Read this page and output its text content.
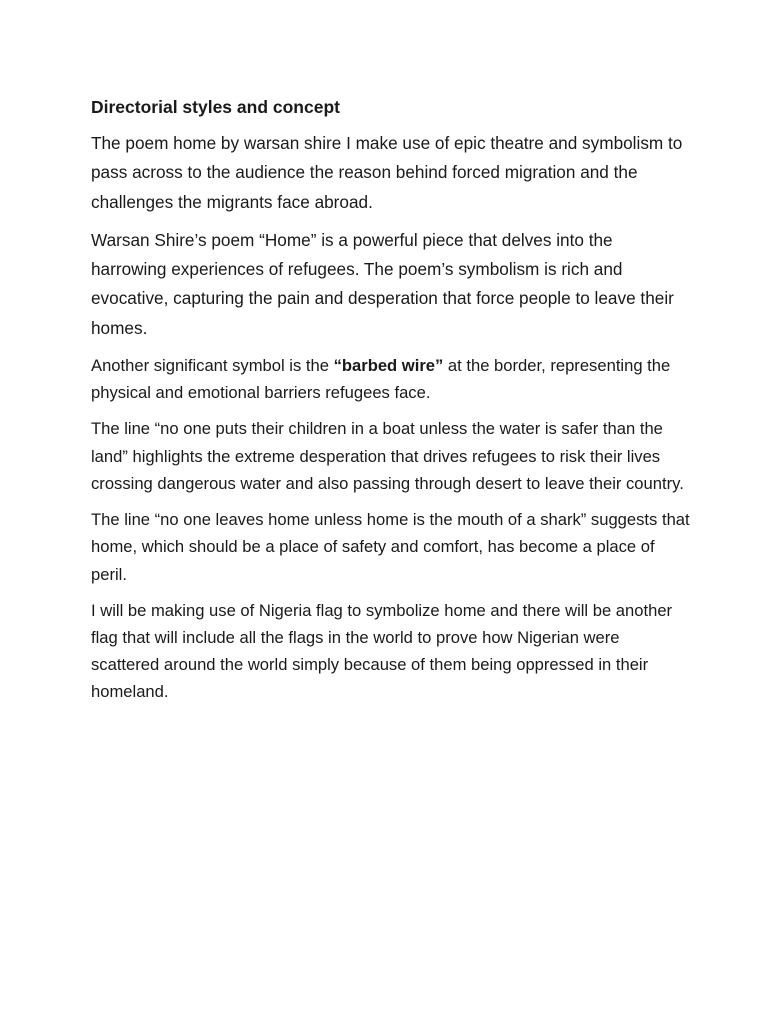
Directorial styles and concept

The poem home by warsan shire I make use of epic theatre and symbolism to pass across to the audience the reason behind forced migration and the challenges the migrants face abroad.

Warsan Shire’s poem “Home” is a powerful piece that delves into the harrowing experiences of refugees. The poem’s symbolism is rich and evocative, capturing the pain and desperation that force people to leave their homes.

Another significant symbol is the “barbed wire” at the border, representing the physical and emotional barriers refugees face.

The line “no one puts their children in a boat unless the water is safer than the land” highlights the extreme desperation that drives refugees to risk their lives crossing dangerous water and also passing through desert to leave their country.

The line “no one leaves home unless home is the mouth of a shark” suggests that home, which should be a place of safety and comfort, has become a place of peril.

I will be making use of Nigeria flag to symbolize home and there will be another flag that will include all the flags in the world to prove how Nigerian were scattered around the world simply because of them being oppressed in their homeland.
